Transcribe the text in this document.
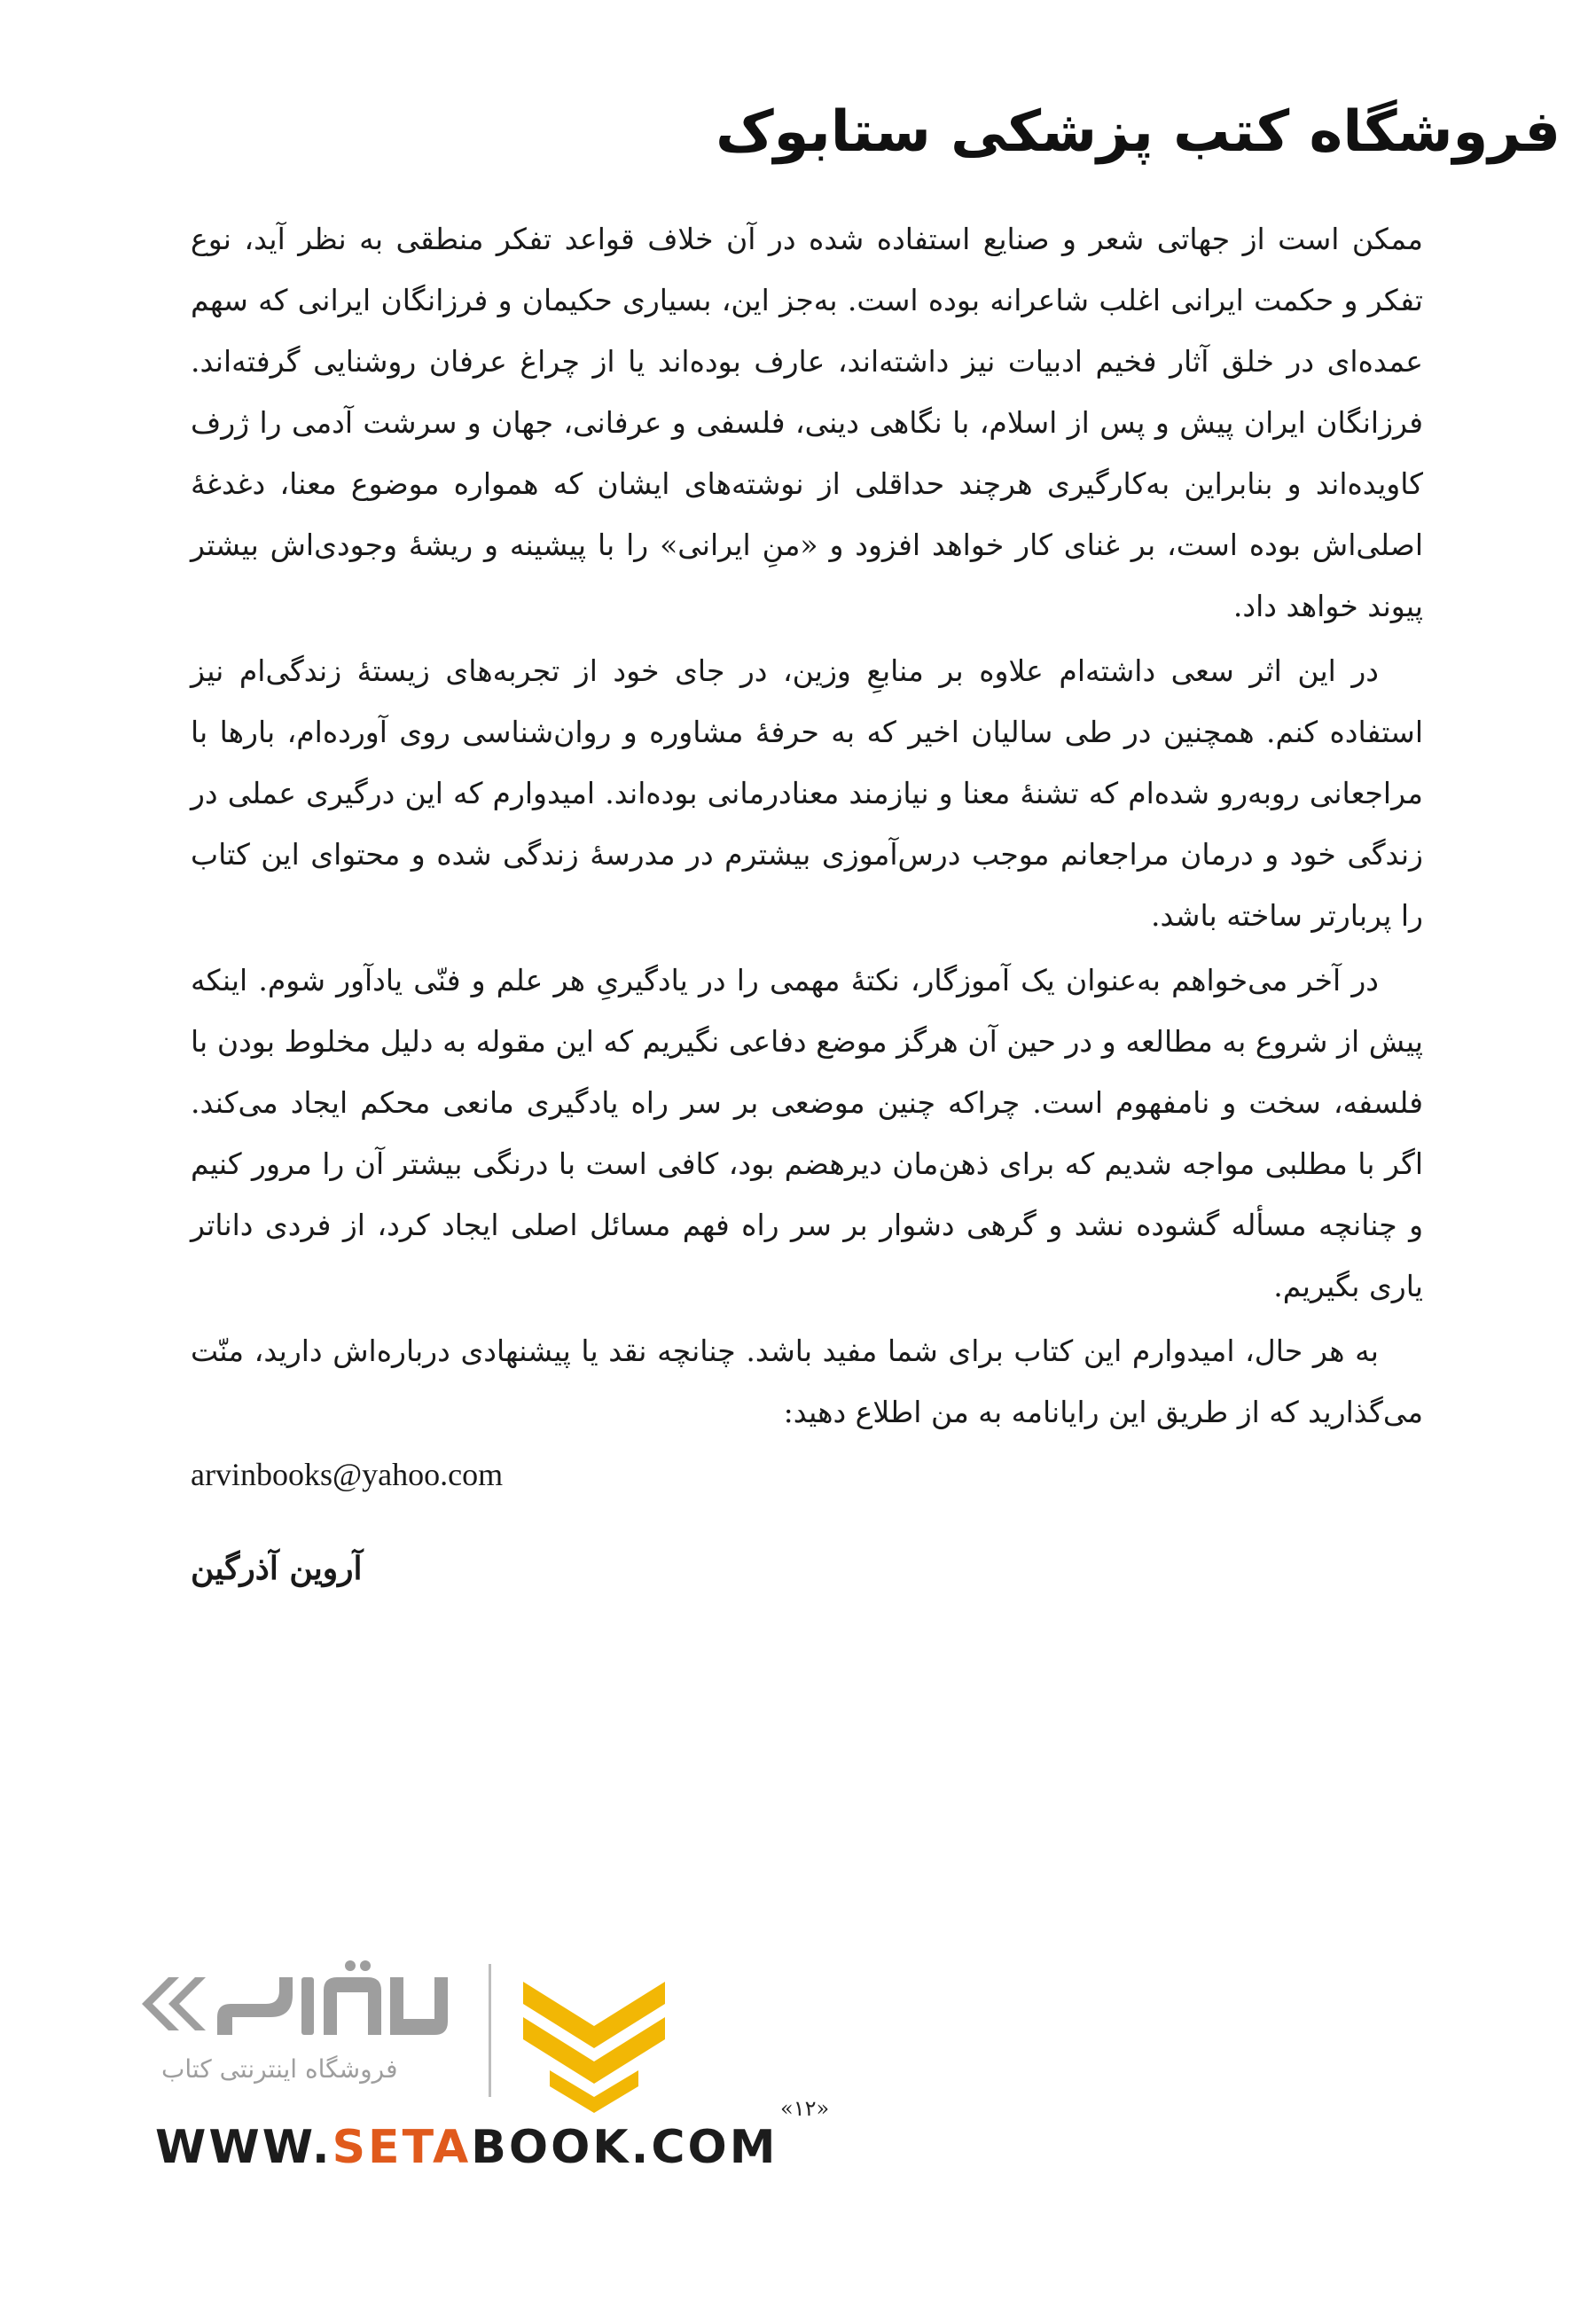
فروشگاه کتب پزشکی ستابوک

ممکن است از جهاتی شعر و صنایع استفاده شده در آن خلاف قواعد تفکر منطقی به نظر آید، نوع تفکر و حکمت ایرانی اغلب شاعرانه بوده است. به‌جز این، بسیاری حکیمان و فرزانگان ایرانی که سهم عمده‌ای در خلق آثار فخیم ادبیات نیز داشته‌اند، عارف بوده‌اند یا از چراغ عرفان روشنایی گرفته‌اند. فرزانگان ایران پیش و پس از اسلام، با نگاهی دینی، فلسفی و عرفانی، جهان و سرشت آدمی را ژرف کاویده‌اند و بنابراین به‌کارگیری هرچند حداقلی از نوشته‌های ایشان که همواره موضوع معنا، دغدغهٔ اصلی‌اش بوده است، بر غنای کار خواهد افزود و «منِ ایرانی» را با پیشینه و ریشهٔ وجودی‌اش بیشتر پیوند خواهد داد.

در این اثر سعی داشته‌ام علاوه بر منابعِ وزین، در جای خود از تجربه‌های زیستهٔ زندگی‌ام نیز استفاده کنم. همچنین در طی سالیان اخیر که به حرفهٔ مشاوره و روان‌شناسی روی آورده‌ام، بارها با مراجعانی روبه‌رو شده‌ام که تشنهٔ معنا و نیازمند معنادرمانی بوده‌اند. امیدوارم که این درگیری عملی در زندگی خود و درمان مراجعانم موجب درس‌آموزی بیشترم در مدرسهٔ زندگی شده و محتوای این کتاب را پربارتر ساخته باشد.

در آخر می‌خواهم به‌عنوان یک آموزگار، نکتهٔ مهمی را در یادگیریِ هر علم و فنّی یادآور شوم. اینکه پیش از شروع به مطالعه و در حین آن هرگز موضع دفاعی نگیریم که این مقوله به دلیل مخلوط بودن با فلسفه، سخت و نامفهوم است. چراکه چنین موضعی بر سر راه یادگیری مانعی محکم ایجاد می‌کند. اگر با مطلبی مواجه شدیم که برای ذهن‌مان دیرهضم بود، کافی است با درنگی بیشتر آن را مرور کنیم و چنانچه مسأله گشوده نشد و گرهی دشوار بر سر راه فهم مسائل اصلی ایجاد کرد، از فردی داناتر یاری بگیریم.

به هر حال، امیدوارم این کتاب برای شما مفید باشد. چنانچه نقد یا پیشنهادی درباره‌اش دارید، منّت می‌گذارید که از طریق این رایانامه به من اطلاع دهید:

arvinbooks@yahoo.com
آروین آذرگین
فروشگاه اینترنتی کتاب
«۱۲»
WWW.SETABOOK.COM
